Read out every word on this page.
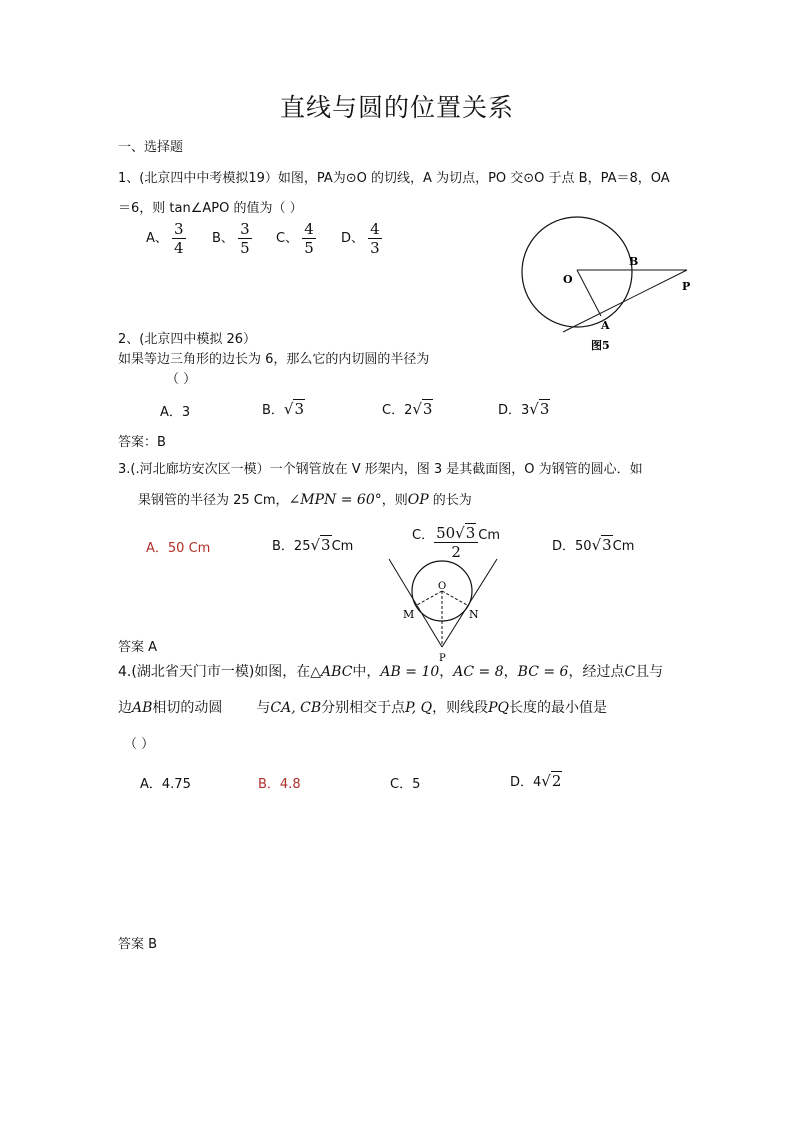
直线与圆的位置关系
一、选择题
1、(北京四中中考模拟19）如图，PA为⊙O 的切线，A 为切点，PO 交⊙O 于点 B，PA＝8，OA
＝6，则 tan∠APO 的值为（ ）
A、 $\frac{3}{4}$ B、 $\frac{3}{5}$ C、 $\frac{4}{5}$ D、 $\frac{4}{3}$
O
B
P
A
图5
2、(北京四中模拟 26）
如果等边三角形的边长为 6，那么它的内切圆的半径为
（ ）
A．3	B．√3	C．2√3	D．3√3
答案：B
3.(.河北廊坊安次区一模）一个钢管放在 V 形架内，图 3 是其截面图，O 为钢管的圆心．如
果钢管的半径为 25 Cm，∠MPN = 60°，则OP 的长为
A．50 Cm	B．25√3Cm
C． $\frac{50√3}{2}$ Cm
D．50√3Cm
O
M	N
P
答案 A
4.(湖北省天门市一模)如图，在△ABC中，AB = 10，AC = 8，BC = 6，经过点C且与
边AB相切的动圆 与CA, CB分别相交于点P, Q，则线段PQ长度的最小值是
（ ）
A．4.75	B．4.8	C．5	D．4√2
答案 B
